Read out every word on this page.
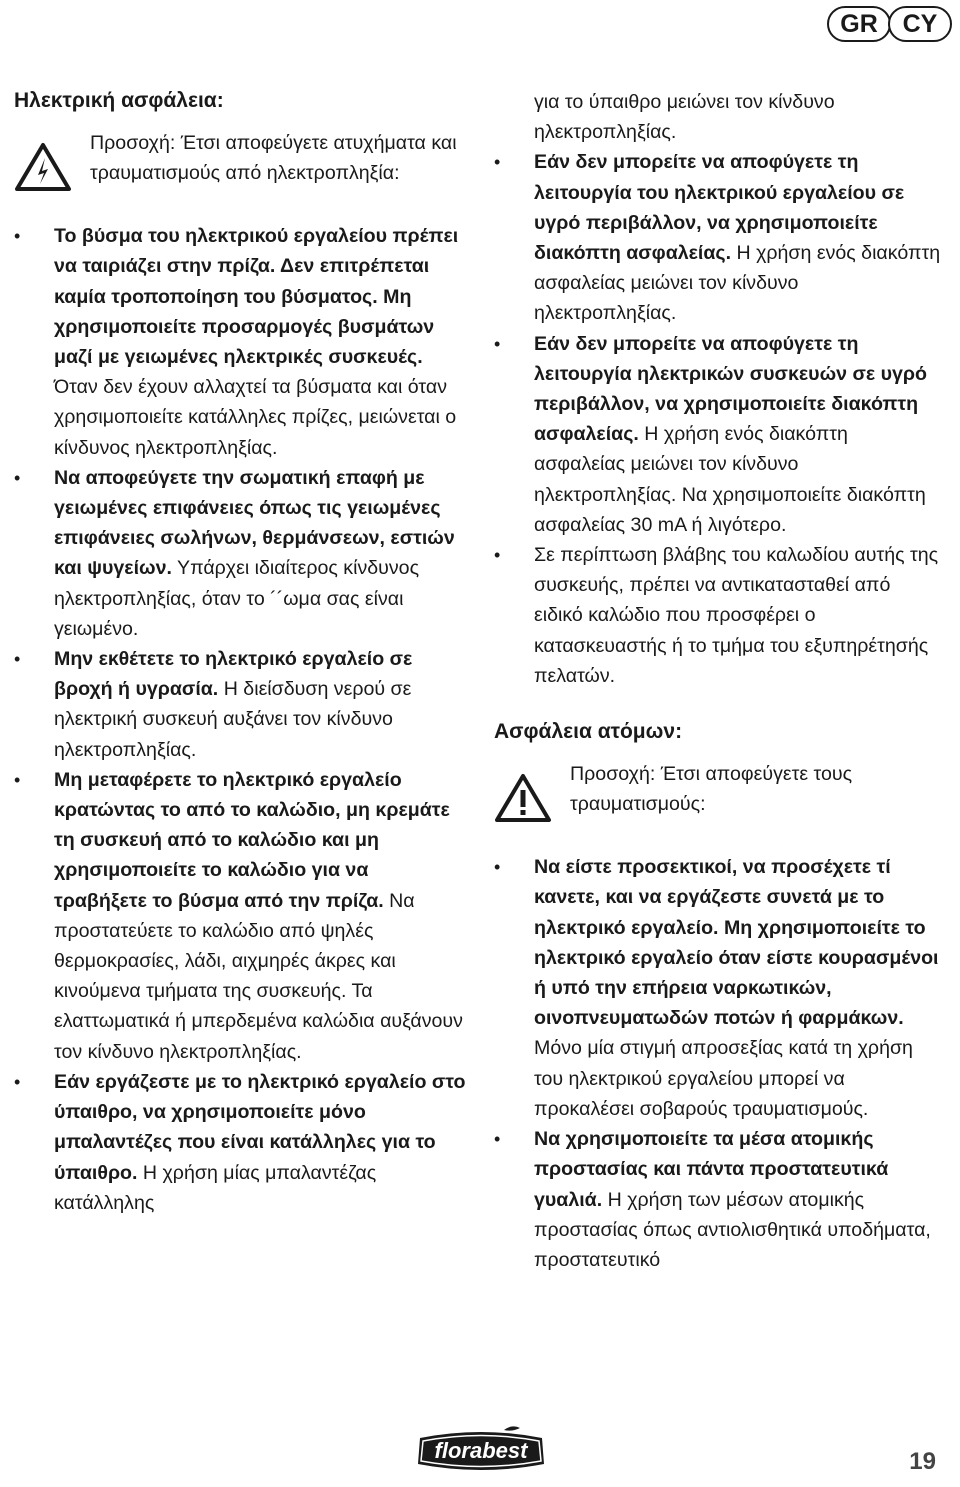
GR CY
Ηλεκτρική ασφάλεια:
Προσοχή: Έτσι αποφεύγετε ατυχήματα και τραυματισμούς από ηλεκτροπληξία:
• Το βύσμα του ηλεκτρικού εργαλείου πρέπει να ταιριάζει στην πρίζα. Δεν επιτρέπεται καμία τροποποίηση του βύσματος. Μη χρησιμοποιείτε προσαρμογές βυσμάτων μαζί με γειωμένες ηλεκτρικές συσκευές. Όταν δεν έχουν αλλαχτεί τα βύσματα και όταν χρησιμοποιείτε κατάλληλες πρίζες, μειώνεται ο κίνδυνος ηλεκτροπληξίας.
• Να αποφεύγετε την σωματική επαφή με γειωμένες επιφάνειες όπως τις γειωμένες επιφάνειες σωλήνων, θερμάνσεων, εστιών και ψυγείων. Υπάρχει ιδιαίτερος κίνδυνος ηλεκτροπληξίας, όταν το ´´ωμα σας είναι γειωμένο.
• Μην εκθέτετε το ηλεκτρικό εργαλείο σε βροχή ή υγρασία. Η διείσδυση νερού σε ηλεκτρική συσκευή αυξάνει τον κίνδυνο ηλεκτροπληξίας.
• Μη μεταφέρετε το ηλεκτρικό εργαλείο κρατώντας το από το καλώδιο, μη κρεμάτε τη συσκευή από το καλώδιο και μη χρησιμοποιείτε το καλώδιο για να τραβήξετε το βύσμα από την πρίζα. Να προστατεύετε το καλώδιο από ψηλές θερμοκρασίες, λάδι, αιχμηρές άκρες και κινούμενα τμήματα της συσκευής. Τα ελαττωματικά ή μπερδεμένα καλώδια αυξάνουν τον κίνδυνο ηλεκτροπληξίας.
• Εάν εργάζεστε με το ηλεκτρικό εργαλείο στο ύπαιθρο, να χρησιμοποιείτε μόνο μπαλαντέζες που είναι κατάλληλες για το ύπαιθρο. Η χρήση μίας μπαλαντέζας κατάλληλης
για το ύπαιθρο μειώνει τον κίνδυνο ηλεκτροπληξίας.
• Εάν δεν μπορείτε να αποφύγετε τη λειτουργία του ηλεκτρικού εργαλείου σε υγρό περιβάλλον, να χρησιμοποιείτε διακόπτη ασφαλείας. Η χρήση ενός διακόπτη ασφαλείας μειώνει τον κίνδυνο ηλεκτροπληξίας.
• Εάν δεν μπορείτε να αποφύγετε τη λειτουργία ηλεκτρικών συσκευών σε υγρό περιβάλλον, να χρησιμοποιείτε διακόπτη ασφαλείας. Η χρήση ενός διακόπτη ασφαλείας μειώνει τον κίνδυνο ηλεκτροπληξίας. Να χρησιμοποιείτε διακόπτη ασφαλείας 30 mA ή λιγότερο.
• Σε περίπτωση βλάβης του καλωδίου αυτής της συσκευής, πρέπει να αντικατασταθεί από ειδικό καλώδιο που προσφέρει ο κατασκευαστής ή το τμήμα του εξυπηρέτησής πελατών.
Ασφάλεια ατόμων:
Προσοχή: Έτσι αποφεύγετε τους τραυματισμούς:
• Να είστε προσεκτικοί, να προσέχετε τί κανετε, και να εργάζεστε συνετά με το ηλεκτρικό εργαλείο. Μη χρησιμοποιείτε το ηλεκτρικό εργαλείο όταν είστε κουρασμένοι ή υπό την επήρεια ναρκωτικών, οινοπνευματωδών ποτών ή φαρμάκων. Μόνο μία στιγμή απροσεξίας κατά τη χρήση του ηλεκτρικού εργαλείου μπορεί να προκαλέσει σοβαρούς τραυματισμούς.
• Να χρησιμοποιείτε τα μέσα ατομικής προστασίας και πάντα προστατευτικά γυαλιά. Η χρήση των μέσων ατομικής προστασίας όπως αντιολισθητικά υποδήματα, προστατευτικό
florabest	19
